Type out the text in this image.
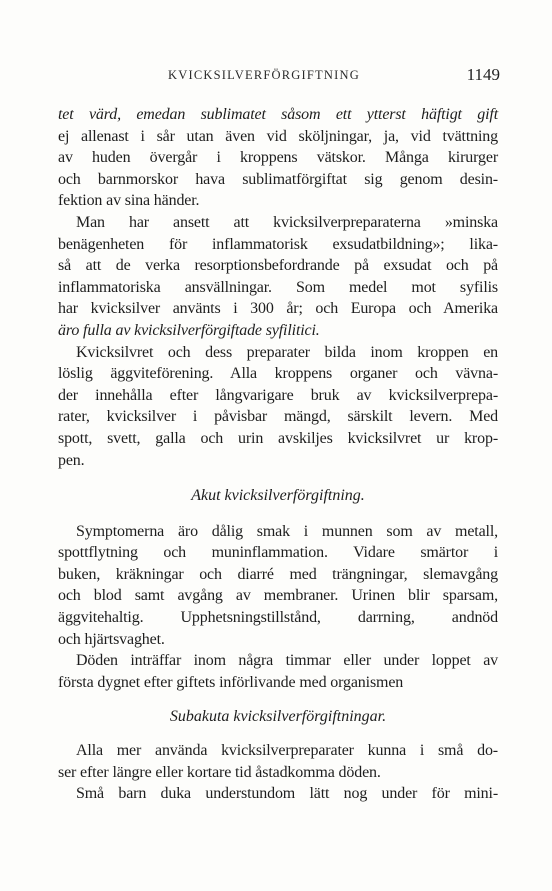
KVICKSILVERFÖRGIFTNING	1149
tet värd, emedan sublimatet såsom ett ytterst häftigt gift
ej allenast i sår utan även vid sköljningar, ja, vid tvättning
av huden övergår i kroppens vätskor. Många kirurger
och barnmorskor hava sublimatförgiftat sig genom desin-
fektion av sina händer.
Man har ansett att kvicksilverpreparaterna »minska
benägenheten för inflammatorisk exsudatbildning»; lika-
så att de verka resorptionsbefordrande på exsudat och på
inflammatoriska ansvällningar. Som medel mot syfilis
har kvicksilver använts i 300 år; och Europa och Amerika
äro fulla av kvicksilverförgiftade syfilitici.
Kvicksilvret och dess preparater bilda inom kroppen en
löslig äggviteförening. Alla kroppens organer och vävna-
der innehålla efter långvarigare bruk av kvicksilverprepa-
rater, kvicksilver i påvisbar mängd, särskilt levern. Med
spott, svett, galla och urin avskiljes kvicksilvret ur krop-
pen.
Akut kvicksilverförgiftning.
Symptomerna äro dålig smak i munnen som av metall,
spottflytning och muninflammation. Vidare smärtor i
buken, kräkningar och diarré med trängningar, slemavgång
och blod samt avgång av membraner. Urinen blir sparsam,
äggvitehaltig. Upphetsningstillstånd, darrning, andnöd
och hjärtsvaghet.
Döden inträffar inom några timmar eller under loppet av
första dygnet efter giftets införlivande med organismen
Subakuta kvicksilverförgiftningar.
Alla mer använda kvicksilverpreparater kunna i små do-
ser efter längre eller kortare tid åstadkomma döden.
Små barn duka understundom lätt nog under för mini-
